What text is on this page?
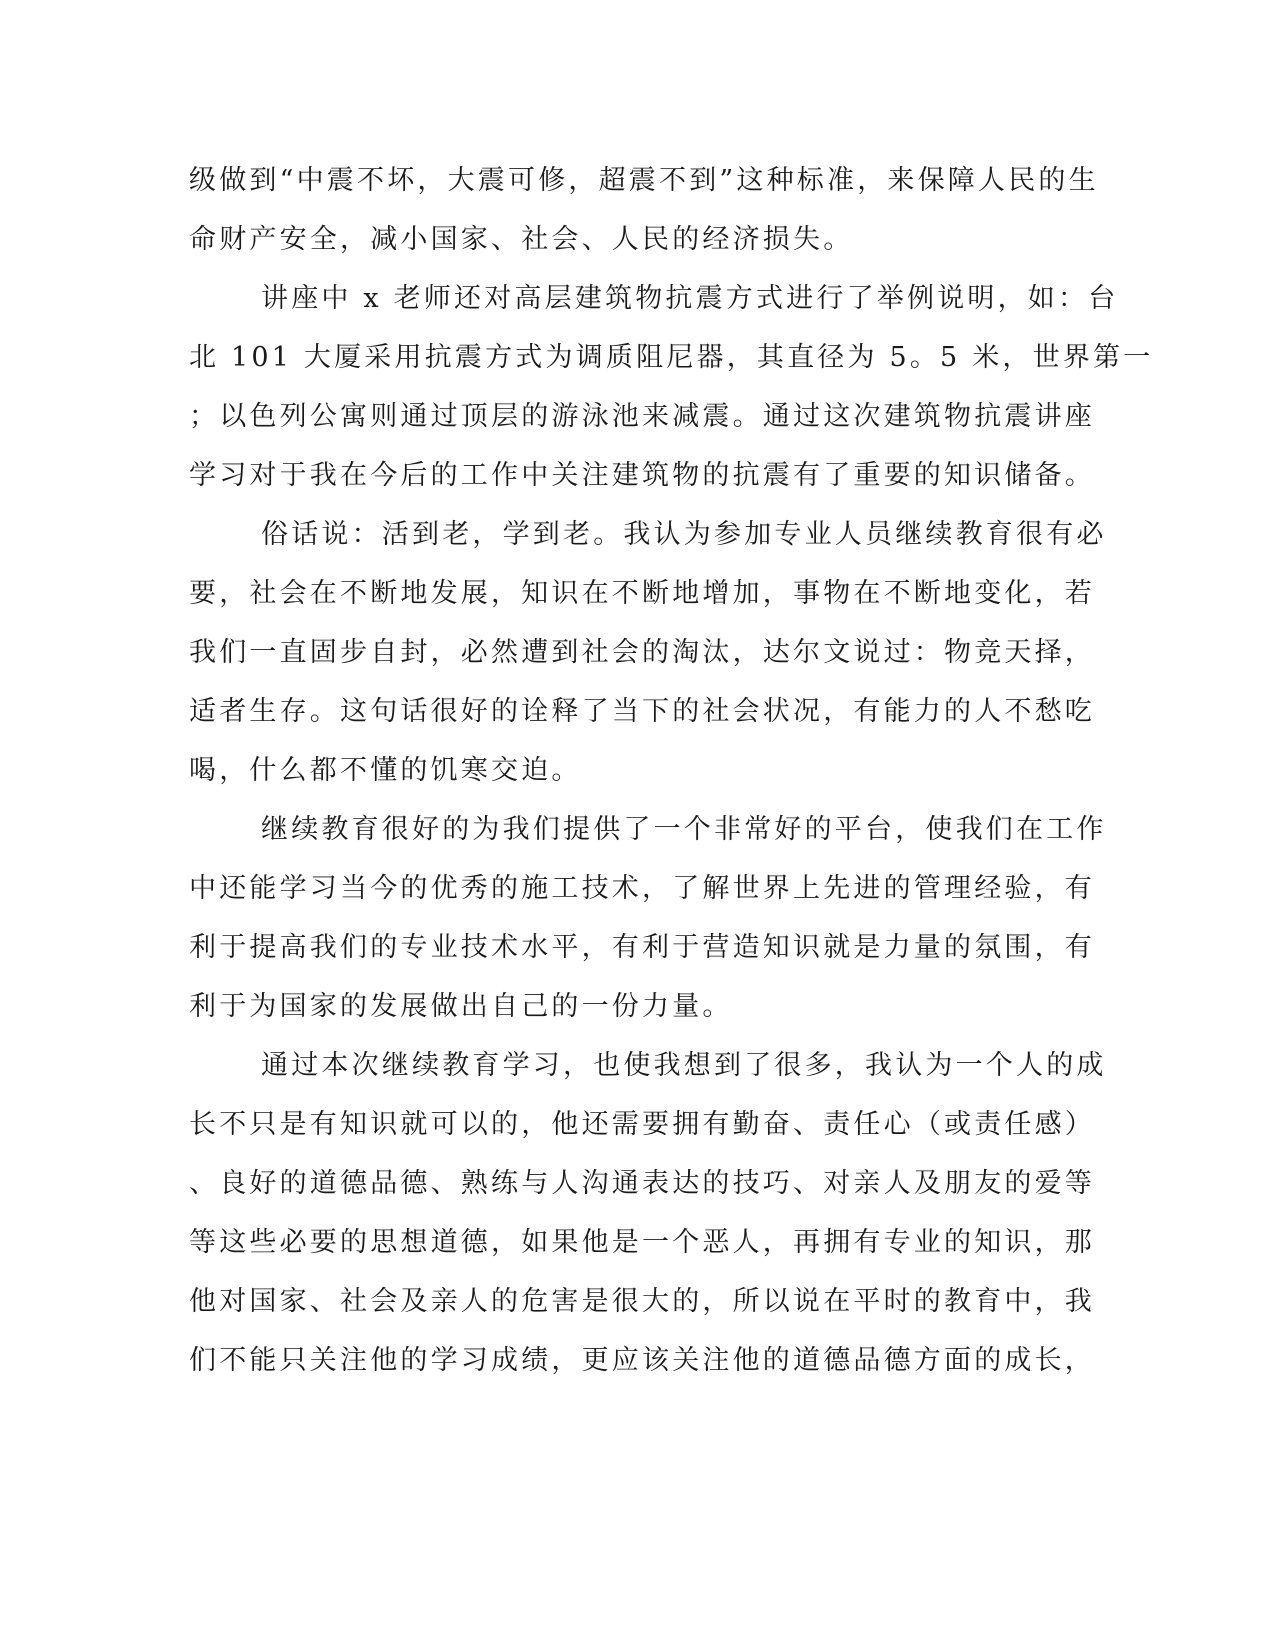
级做到“中震不坏，大震可修，超震不到”这种标准，来保障人民的生
命财产安全，减小国家、社会、人民的经济损失。
讲座中 x 老师还对高层建筑物抗震方式进行了举例说明，如：台
北 101 大厦采用抗震方式为调质阻尼器，其直径为 5。5 米，世界第一
；以色列公寓则通过顶层的游泳池来减震。通过这次建筑物抗震讲座
学习对于我在今后的工作中关注建筑物的抗震有了重要的知识储备。
俗话说：活到老，学到老。我认为参加专业人员继续教育很有必
要，社会在不断地发展，知识在不断地增加，事物在不断地变化，若
我们一直固步自封，必然遭到社会的淘汰，达尔文说过：物竞天择，
适者生存。这句话很好的诠释了当下的社会状况，有能力的人不愁吃
喝，什么都不懂的饥寒交迫。
继续教育很好的为我们提供了一个非常好的平台，使我们在工作
中还能学习当今的优秀的施工技术，了解世界上先进的管理经验，有
利于提高我们的专业技术水平，有利于营造知识就是力量的氛围，有
利于为国家的发展做出自己的一份力量。
通过本次继续教育学习，也使我想到了很多，我认为一个人的成
长不只是有知识就可以的，他还需要拥有勤奋、责任心（或责任感）
、良好的道德品德、熟练与人沟通表达的技巧、对亲人及朋友的爱等
等这些必要的思想道德，如果他是一个恶人，再拥有专业的知识，那
他对国家、社会及亲人的危害是很大的，所以说在平时的教育中，我
们不能只关注他的学习成绩，更应该关注他的道德品德方面的成长，
